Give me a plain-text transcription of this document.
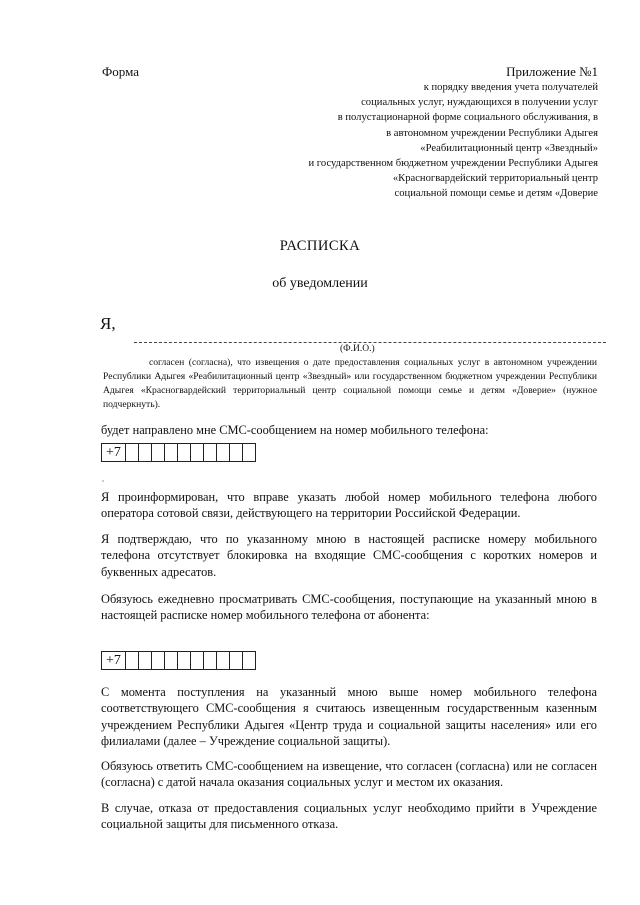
Форма	Приложение №1
к порядку введения учета получателей
социальных услуг, нуждающихся в получении услуг
в полустационарной форме социального обслуживания, в
в автономном учреждении Республики Адыгея
«Реабилитационный центр «Звездный»
и государственном бюджетном учреждении Республики Адыгея
«Красногвардейский территориальный центр
социальной помощи семье и детям «Доверие
РАСПИСКА
об уведомлении
Я,
(Ф.И.О.)
согласен (согласна), что извещения о дате предоставления социальных услуг в автономном учреждении Республики Адыгея «Реабилитационный центр «Звездный» или государственном бюджетном учреждении Республики Адыгея «Красногвардейский территориальный центр социальной помощи семье и детям «Доверие» (нужное подчеркнуть).
будет направлено мне СМС-сообщением на номер мобильного телефона:
+7
Я проинформирован, что вправе указать любой номер мобильного телефона любого оператора сотовой связи, действующего на территории Российской Федерации.
Я подтверждаю, что по указанному мною в настоящей расписке номеру мобильного телефона отсутствует блокировка на входящие СМС-сообщения с коротких номеров и буквенных адресатов.
Обязуюсь ежедневно просматривать СМС-сообщения, поступающие на указанный мною в настоящей расписке номер мобильного телефона от абонента:
+7
С момента поступления на указанный мною выше номер мобильного телефона соответствующего СМС-сообщения я считаюсь извещенным государственным казенным учреждением Республики Адыгея «Центр труда и социальной защиты населения» или его филиалами (далее – Учреждение социальной защиты).
Обязуюсь ответить СМС-сообщением на извещение, что согласен (согласна) или не согласен (согласна) с датой начала оказания социальных услуг и местом их оказания.
В случае, отказа от предоставления социальных услуг необходимо прийти в Учреждение социальной защиты для письменного отказа.
